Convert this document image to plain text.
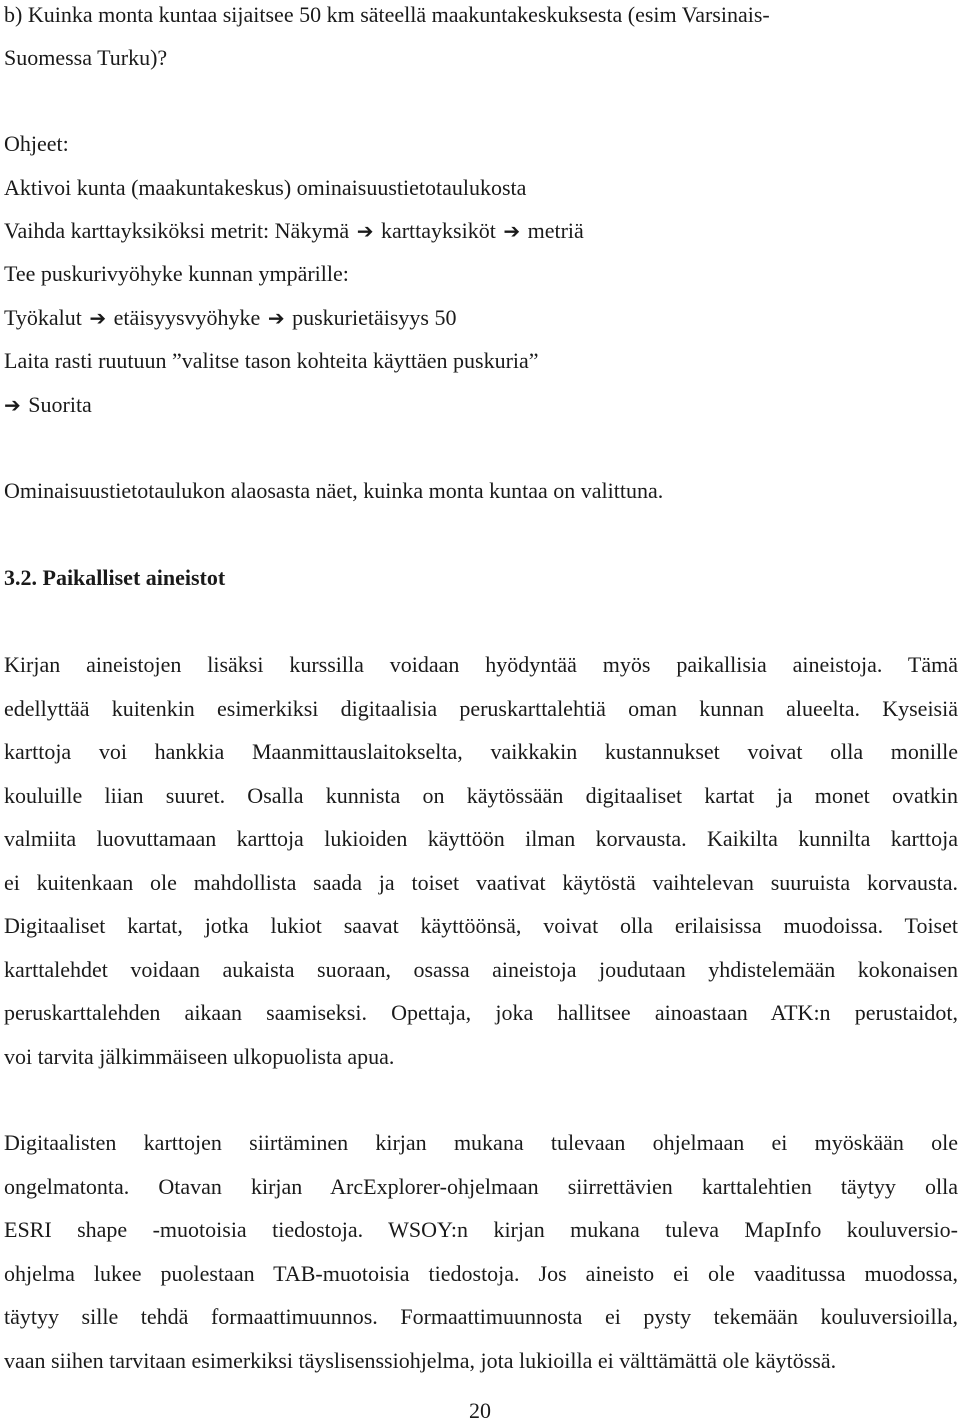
b) Kuinka monta kuntaa sijaitsee 50 km säteellä maakuntakeskuksesta (esim Varsinais-
Suomessa Turku)?
Ohjeet:
Aktivoi kunta (maakuntakeskus) ominaisuustietotaulukosta
Vaihda karttayksiköksi metrit: Näkymä ➔ karttayksiköt ➔ metriä
Tee puskurivyöhyke kunnan ympärille:
Työkalut ➔ etäisyysvyöhyke ➔ puskurietäisyys 50
Laita rasti ruutuun ”valitse tason kohteita käyttäen puskuria”
➔ Suorita
Ominaisuustietotaulukon alaosasta näet, kuinka monta kuntaa on valittuna.
3.2. Paikalliset aineistot
Kirjan aineistojen lisäksi kurssilla voidaan hyödyntää myös paikallisia aineistoja. Tämä
edellyttää kuitenkin esimerkiksi digitaalisia peruskarttalehtiä oman kunnan alueelta. Kyseisiä
karttoja voi hankkia Maanmittauslaitokselta, vaikkakin kustannukset voivat olla monille
kouluille liian suuret. Osalla kunnista on käytössään digitaaliset kartat ja monet ovatkin
valmiita luovuttamaan karttoja lukioiden käyttöön ilman korvausta. Kaikilta kunnilta karttoja
ei kuitenkaan ole mahdollista saada ja toiset vaativat käytöstä vaihtelevan suuruista korvausta.
Digitaaliset kartat, jotka lukiot saavat käyttöönsä, voivat olla erilaisissa muodoissa. Toiset
karttalehdet voidaan aukaista suoraan, osassa aineistoja joudutaan yhdistelemään kokonaisen
peruskarttalehden aikaan saamiseksi. Opettaja, joka hallitsee ainoastaan ATK:n perustaidot,
voi tarvita jälkimmäiseen ulkopuolista apua.
Digitaalisten karttojen siirtäminen kirjan mukana tulevaan ohjelmaan ei myöskään ole
ongelmatonta. Otavan kirjan ArcExplorer-ohjelmaan siirrettävien karttalehtien täytyy olla
ESRI shape -muotoisia tiedostoja. WSOY:n kirjan mukana tuleva MapInfo kouluversio-
ohjelma lukee puolestaan TAB-muotoisia tiedostoja. Jos aineisto ei ole vaaditussa muodossa,
täytyy sille tehdä formaattimuunnos. Formaattimuunnosta ei pysty tekemään kouluversioilla,
vaan siihen tarvitaan esimerkiksi täyslisenssiohjelma, jota lukioilla ei välttämättä ole käytössä.
20
